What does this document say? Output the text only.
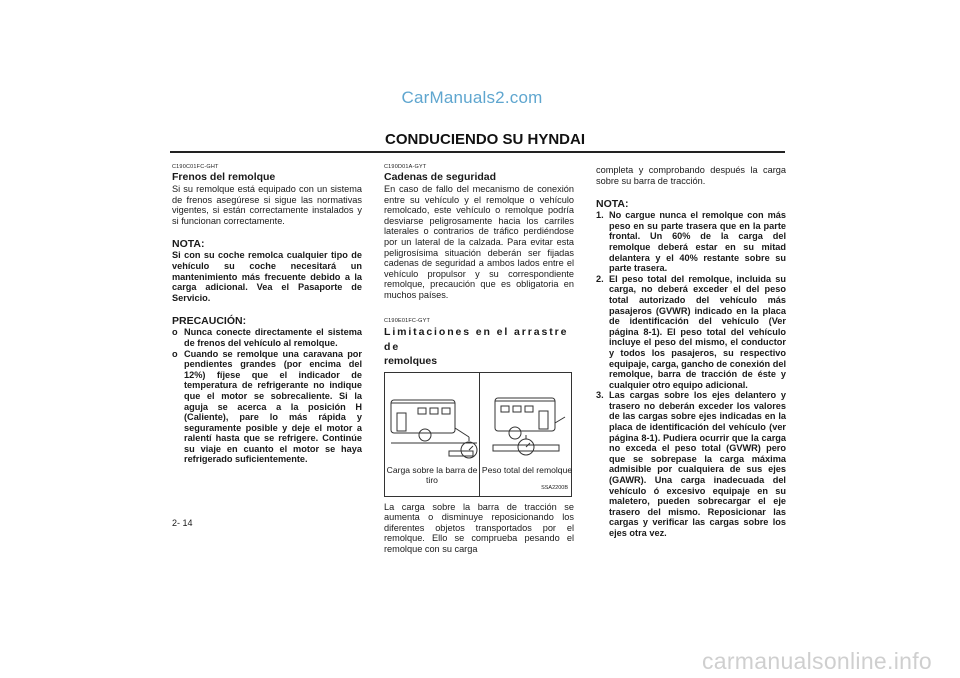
CarManuals2.com
CONDUCIENDO SU HYNDAI

C190C01FC-GHT

Frenos del remolque

Si su remolque está equipado con un sistema de frenos asegúrese si sigue las normativas vigentes, si están correctamente instalados y si funcionan correctamente.

NOTA:

Si con su coche remolca cualquier tipo de vehículo su coche necesitará un mantenimiento más frecuente debido a la carga adicional. Vea el Pasaporte de Servicio.

PRECAUCIÓN:

o Nunca conecte directamente el sistema de frenos del vehículo al remolque.
o Cuando se remolque una caravana por pendientes grandes (por encima del 12%) fíjese que el indicador de temperatura de refrigerante no indique que el motor se sobrecaliente. Si la aguja se acerca a la posición H (Caliente), pare lo más rápida y seguramente posible y deje el motor a ralentí hasta que se refrigere. Continúe su viaje en cuanto el motor se haya refrigerado suficientemente.

C190D01A-GYT

Cadenas de seguridad

En caso de fallo del mecanismo de conexión entre su vehículo y el remolque o vehículo remolcado, este vehículo o remolque podría desviarse peligrosamente hacia los carriles laterales o contrarios de tráfico perdiéndose por un lateral de la calzada. Para evitar esta peligrosísima situación deberán ser fijadas cadenas de seguridad a ambos lados entre el vehículo propulsor y su correspondiente remolque, precaución que es obligatoria en muchos países.

C190E01FC-GYT

Limitaciones en el arrastre de

remolques

Carga sobre la barra de tiro
Peso total del remolque
SSA2200B

La carga sobre la barra de tracción se aumenta o disminuye reposicionando los diferentes objetos transportados por el remolque. Ello se comprueba pesando el remolque con su carga

completa y comprobando después la carga sobre su barra de tracción.

NOTA:

1. No cargue nunca el remolque con más peso en su parte trasera que en la parte frontal. Un 60% de la carga del remolque deberá estar en su mitad delantera y el 40% restante sobre su parte trasera.
2. El peso total del remolque, incluida su carga, no deberá exceder el del peso total autorizado del vehículo más pasajeros (GVWR) indicado en la placa de identificación del vehículo (Ver página 8-1). El peso total del vehículo incluye el peso del mismo, el conductor y todos los pasajeros, su respectivo equipaje, carga, gancho de conexión del remolque, barra de tracción de éste y cualquier otro equipo adicional.
3. Las cargas sobre los ejes delantero y trasero no deberán exceder los valores de las cargas sobre ejes indicadas en la placa de identificación del vehículo (ver página 8-1). Pudiera ocurrir que la carga no exceda el peso total (GVWR) pero que se sobrepase la carga máxima admisible por cualquiera de sus ejes (GAWR). Una carga inadecuada del vehículo ó excesivo equipaje en su maletero, pueden sobrecargar el eje trasero del mismo. Reposicionar las cargas y verificar las cargas sobre los ejes otra vez.
2- 14
carmanualsonline.info
